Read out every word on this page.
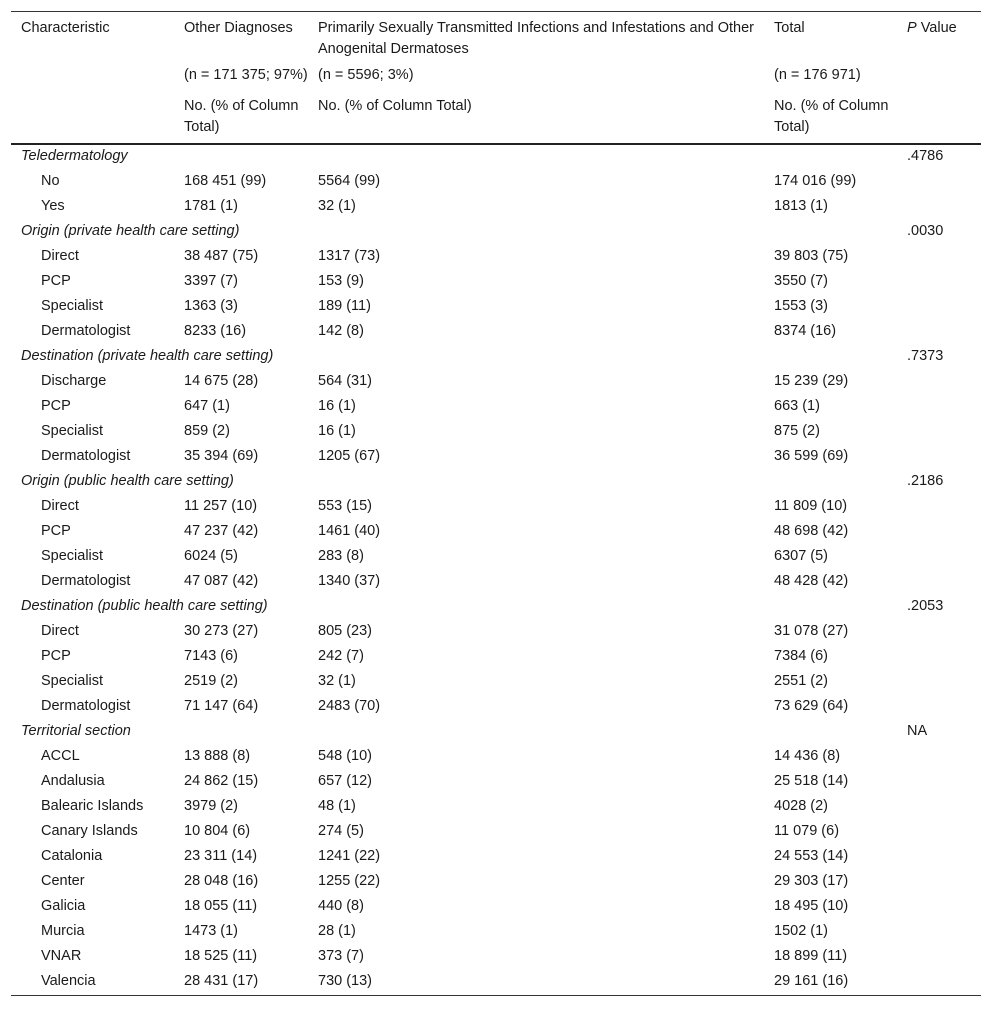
Characteristic	Other Diagnoses	Primarily Sexually Transmitted Infections and Infestations and Other Anogenital Dermatoses	Total	P Value
	(n = 171 375; 97%)	(n = 5596; 3%)	(n = 176 971)	
	No. (% of Column Total)	No. (% of Column Total)	No. (% of Column Total)	
Teledermatology				.4786
No	168 451 (99)	5564 (99)	174 016 (99)	
Yes	1781 (1)	32 (1)	1813 (1)	
Origin (private health care setting)				.0030
Direct	38 487 (75)	1317 (73)	39 803 (75)	
PCP	3397 (7)	153 (9)	3550 (7)	
Specialist	1363 (3)	189 (11)	1553 (3)	
Dermatologist	8233 (16)	142 (8)	8374 (16)	
Destination (private health care setting)				.7373
Discharge	14 675 (28)	564 (31)	15 239 (29)	
PCP	647 (1)	16 (1)	663 (1)	
Specialist	859 (2)	16 (1)	875 (2)	
Dermatologist	35 394 (69)	1205 (67)	36 599 (69)	
Origin (public health care setting)				.2186
Direct	11 257 (10)	553 (15)	11 809 (10)	
PCP	47 237 (42)	1461 (40)	48 698 (42)	
Specialist	6024 (5)	283 (8)	6307 (5)	
Dermatologist	47 087 (42)	1340 (37)	48 428 (42)	
Destination (public health care setting)				.2053
Direct	30 273 (27)	805 (23)	31 078 (27)	
PCP	7143 (6)	242 (7)	7384 (6)	
Specialist	2519 (2)	32 (1)	2551 (2)	
Dermatologist	71 147 (64)	2483 (70)	73 629 (64)	
Territorial section				NA
ACCL	13 888 (8)	548 (10)	14 436 (8)	
Andalusia	24 862 (15)	657 (12)	25 518 (14)	
Balearic Islands	3979 (2)	48 (1)	4028 (2)	
Canary Islands	10 804 (6)	274 (5)	11 079 (6)	
Catalonia	23 311 (14)	1241 (22)	24 553 (14)	
Center	28 048 (16)	1255 (22)	29 303 (17)	
Galicia	18 055 (11)	440 (8)	18 495 (10)	
Murcia	1473 (1)	28 (1)	1502 (1)	
VNAR	18 525 (11)	373 (7)	18 899 (11)	
Valencia	28 431 (17)	730 (13)	29 161 (16)	
